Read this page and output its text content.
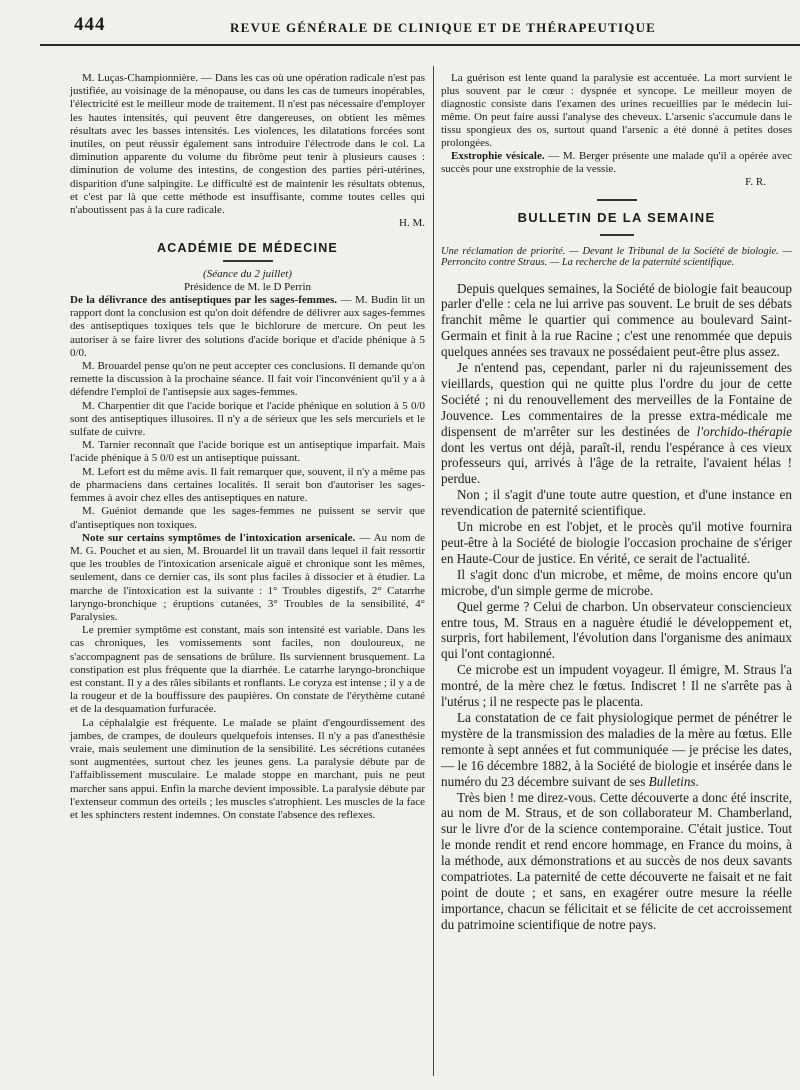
444	REVUE GÉNÉRALE DE CLINIQUE ET DE THÉRAPEUTIQUE

M. Luças-Championnière. — Dans les cas où une opération radicale n'est pas justifiée, au voisinage de la ménopause, ou dans les cas de tumeurs inopérables, l'électricité est le meilleur mode de traitement. Il n'est pas nécessaire d'employer les hautes intensités, qui peuvent être dangereuses, on obtient les mêmes résultats avec les basses intensités. Les violences, les dilatations forcées sont inutiles, on peut réussir également sans introduire l'électrode dans le col. La diminution apparente du volume du fibrôme peut tenir à plusieurs causes : diminution de volume des intestins, de congestion des parties péri-utérines, disparition d'une salpingite. Le difficulté est de maintenir les résultats obtenus, et c'est par là que cette méthode est insuffisante, comme toutes celles qui n'aboutissent pas à la cure radicale.

H. M.

ACADÉMIE DE MÉDECINE

(Séance du 2 juillet)

Présidence de M. le D Perrin

De la délivrance des antiseptiques par les sages-femmes. — M. Budin lit un rapport dont la conclusion est qu'on doit défendre de délivrer aux sages-femmes des antiseptiques toxiques tels que le bichlorure de mercure. On peut les autoriser à se faire livrer des solutions d'acide borique et d'acide phénique à 5 0/0.

M. Brouardel pense qu'on ne peut accepter ces conclusions. Il demande qu'on remette la discussion à la prochaine séance. Il fait voir l'inconvénient qu'il y a à défendre l'emploi de l'antisepsie aux sages-femmes.

M. Charpentier dit que l'acide borique et l'acide phénique en solution à 5 0/0 sont des antiseptiques illusoires. Il n'y a de sérieux que les sels mercuriels et le sulfate de cuivre.

M. Tarnier reconnaît que l'acide borique est un antiseptique imparfait. Mais l'acide phénique à 5 0/0 est un antiseptique puissant.

M. Lefort est du même avis. Il fait remarquer que, souvent, il n'y a même pas de pharmaciens dans certaines localités. Il serait bon d'autoriser les sages-femmes à avoir chez elles des antiseptiques en nature.

M. Guéniot demande que les sages-femmes ne puissent se servir que d'antiseptiques non toxiques.

Note sur certains symptômes de l'intoxication arsenicale. — Au nom de M. G. Pouchet et au sien, M. Brouardel lit un travail dans lequel il fait ressortir que les troubles de l'intoxication arsenicale aiguë et chronique sont les mêmes, seulement, dans ce dernier cas, ils sont plus faciles à dissocier et à étudier. La marche de l'intoxication est la suivante : 1° Troubles digestifs, 2° Catarrhe laryngo-bronchique ; éruptions cutanées, 3° Troubles de la sensibilité, 4° Paralysies.

Le premier symptôme est constant, mais son intensité est variable. Dans les cas chroniques, les vomissements sont faciles, non douloureux, ne s'accompagnent pas de sensations de brûlure. Ils surviennent brusquement. La constipation est plus fréquente que la diarrhée. Le catarrhe laryngo-bronchique est constant. Il y a des râles sibilants et ronflants. Le coryza est intense ; il y a de la rougeur et de la bouffissure des paupières. On constate de l'érythème cutané et de la desquamation furfuracée.

La céphalalgie est fréquente. Le malade se plaint d'engourdissement des jambes, de crampes, de douleurs quelquefois intenses. Il n'y a pas d'anesthésie vraie, mais seulement une diminution de la sensibilité. Les sécrétions cutanées sont augmentées, surtout chez les jeunes gens. La paralysie débute par de l'affaiblissement musculaire. Le malade stoppe en marchant, puis ne peut marcher sans appui. Enfin la marche devient impossible. La paralysie débute par l'extenseur commun des orteils ; les muscles s'atrophient. Les muscles de la face et les sphincters restent indemnes. On constate l'absence des reflexes.

La guérison est lente quand la paralysie est accentuée. La mort survient le plus souvent par le cœur : dyspnée et syncope. Le meilleur moyen de diagnostic consiste dans l'examen des urines recueillies par le médecin lui-même. On peut faire aussi l'analyse des cheveux. L'arsenic s'accumule dans le tissu spongieux des os, surtout quand l'arsenic a été donné à petites doses prolongées.

Exstrophie vésicale. — M. Berger présente une malade qu'il a opérée avec succès pour une exstrophie de la vessie.

F. R.

BULLETIN DE LA SEMAINE

Une réclamation de priorité. — Devant le Tribunal de la Société de biologie. — Perroncito contre Straus. — La recherche de la paternité scientifique.

Depuis quelques semaines, la Société de biologie fait beaucoup parler d'elle : cela ne lui arrive pas souvent. Le bruit de ses débats franchit même le quartier qui commence au boulevard Saint-Germain et finit à la rue Racine ; c'est une renommée que depuis quelques années ses travaux ne possédaient peut-être plus assez.

Je n'entend pas, cependant, parler ni du rajeunissement des vieillards, question qui ne quitte plus l'ordre du jour de cette Société ; ni du renouvellement des merveilles de la Fontaine de Jouvence. Les commentaires de la presse extra-médicale me dispensent de m'arrêter sur les destinées de l'orchido-thérapie dont les vertus ont déjà, paraît-il, rendu l'espérance à ces vieux professeurs qui, arrivés à l'âge de la retraite, l'avaient hélas ! perdue.

Non ; il s'agit d'une toute autre question, et d'une instance en revendication de paternité scientifique.

Un microbe en est l'objet, et le procès qu'il motive fournira peut-être à la Société de biologie l'occasion prochaine de s'ériger en Haute-Cour de justice. En vérité, ce serait de l'actualité.

Il s'agit donc d'un microbe, et même, de moins encore qu'un microbe, d'un simple germe de microbe.

Quel germe ? Celui de charbon. Un observateur consciencieux entre tous, M. Straus en a naguère étudié le développement et, surpris, fort habilement, l'évolution dans l'organisme des animaux qui l'ont contagionné.

Ce microbe est un impudent voyageur. Il émigre, M. Straus l'a montré, de la mère chez le fœtus. Indiscret ! Il ne s'arrête pas à l'utérus ; il ne respecte pas le placenta.

La constatation de ce fait physiologique permet de pénétrer le mystère de la transmission des maladies de la mère au fœtus. Elle remonte à sept années et fut communiquée — je précise les dates, — le 16 décembre 1882, à la Société de biologie et insérée dans le numéro du 23 décembre suivant de ses Bulletins.

Très bien ! me direz-vous. Cette découverte a donc été inscrite, au nom de M. Straus, et de son collaborateur M. Chamberland, sur le livre d'or de la science contemporaine. C'était justice. Tout le monde rendit et rend encore hommage, en France du moins, à la méthode, aux démonstrations et au succès de nos deux savants compatriotes. La paternité de cette découverte ne faisait et ne fait point de doute ; et sans, en exagérer outre mesure la réelle importance, chacun se félicitait et se félicite de cet accroissement du patrimoine scientifique de notre pays.
